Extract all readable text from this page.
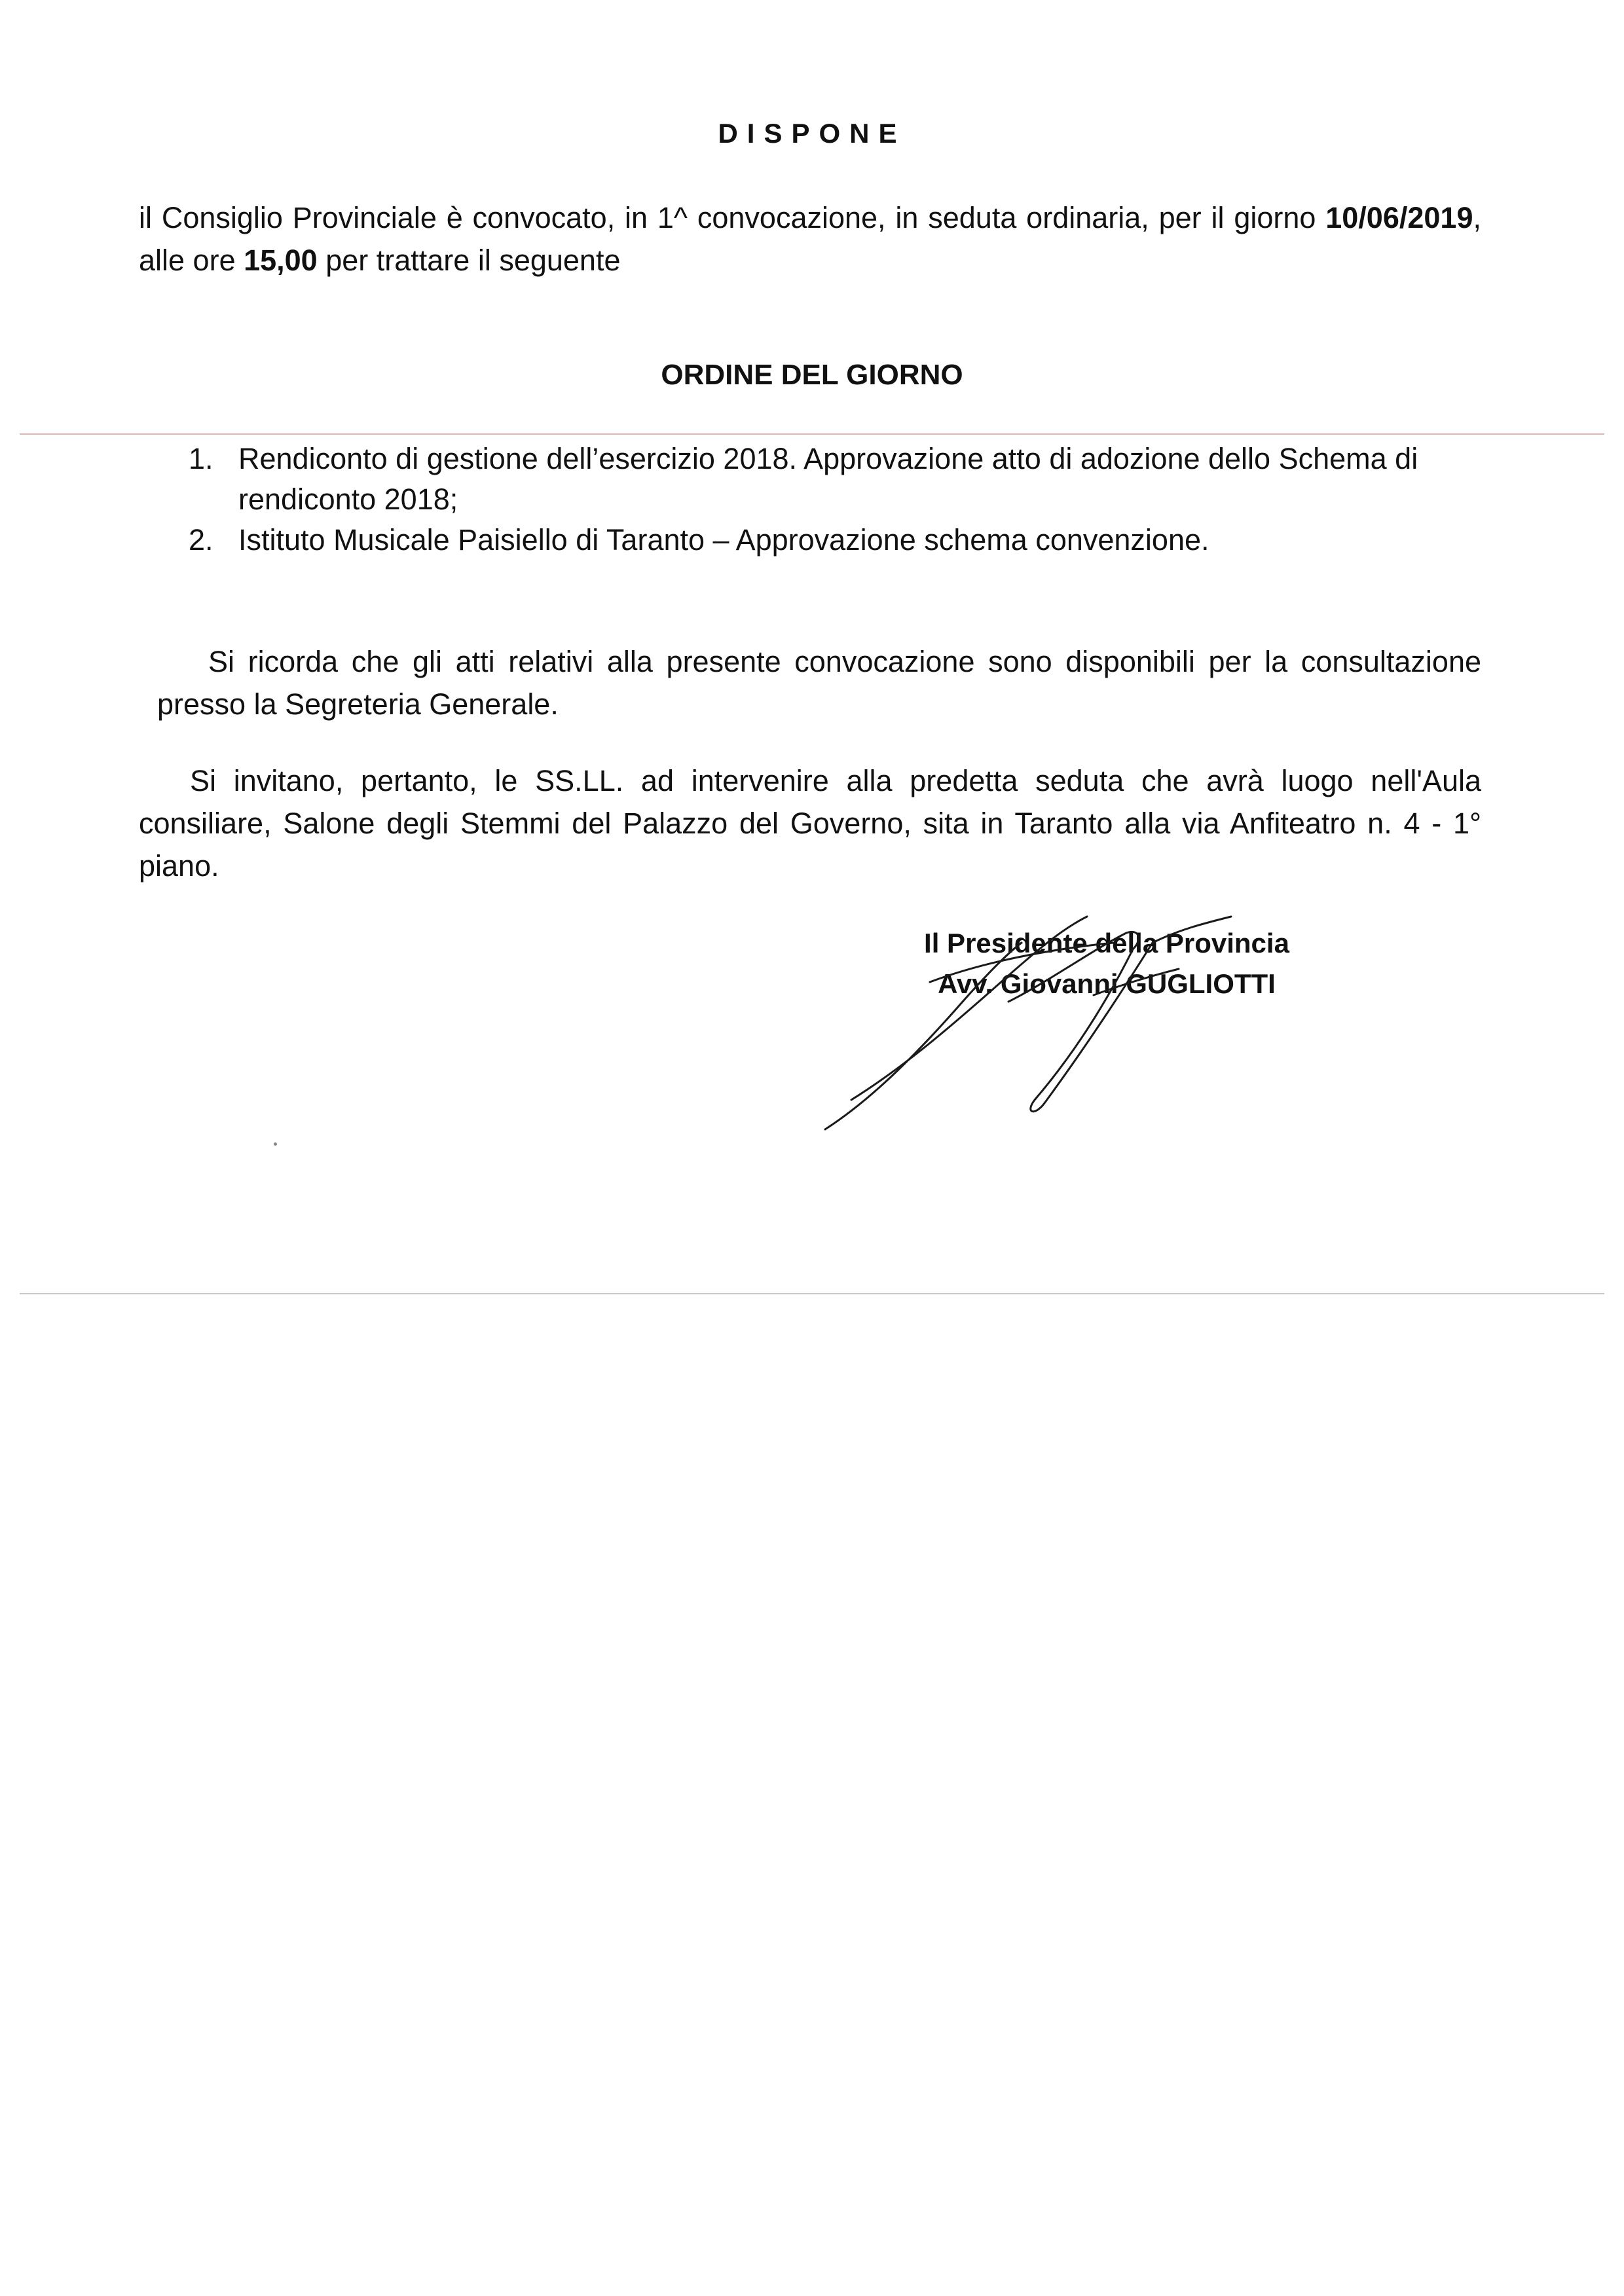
DISPONE
il Consiglio Provinciale è convocato, in 1^ convocazione, in seduta ordinaria, per il giorno 10/06/2019, alle ore 15,00 per trattare il seguente
ORDINE DEL GIORNO
1. Rendiconto di gestione dell’esercizio 2018. Approvazione atto di adozione dello Schema di rendiconto 2018;
2. Istituto Musicale Paisiello di Taranto – Approvazione schema convenzione.
Si ricorda che gli atti relativi alla presente convocazione sono disponibili per la consultazione presso la Segreteria Generale.
Si invitano, pertanto, le SS.LL. ad intervenire alla predetta seduta che avrà luogo nell'Aula consiliare, Salone degli Stemmi del Palazzo del Governo, sita in Taranto alla via Anfiteatro n. 4 - 1° piano.
Il Presidente della Provincia
Avv. Giovanni GUGLIOTTI
